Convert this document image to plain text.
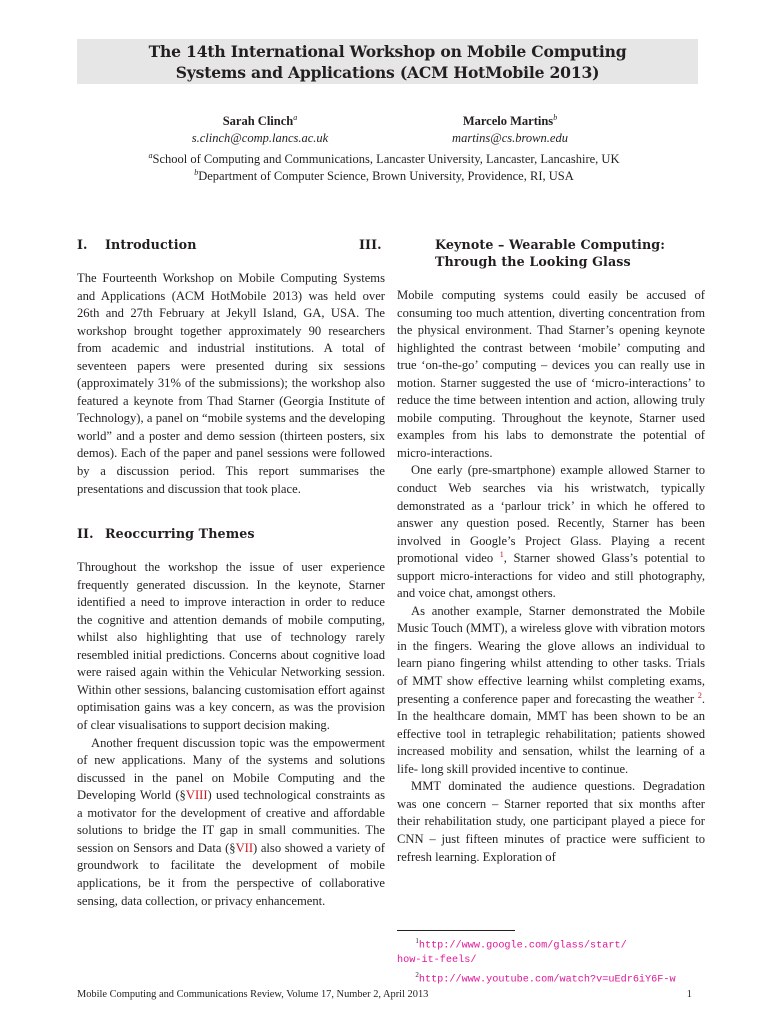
The 14th International Workshop on Mobile Computing
Systems and Applications (ACM HotMobile 2013)
Sarah Clinch$^a$
s.clinch@comp.lancs.ac.uk
Marcelo Martins$^b$
martins@cs.brown.edu
$^a$School of Computing and Communications, Lancaster University, Lancaster, Lancashire, UK
$^b$Department of Computer Science, Brown University, Providence, RI, USA
I. Introduction

The Fourteenth Workshop on Mobile Computing Systems and Applications (ACM HotMobile 2013) was held over 26th and 27th February at Jekyll Island, GA, USA. The workshop brought together approximately 90 researchers from academic and industrial institutions. A total of seventeen papers were presented during six sessions (approximately 31% of the submissions); the workshop also featured a keynote from Thad Starner (Georgia Institute of Technology), a panel on “mobile systems and the developing world” and a poster and demo session (thirteen posters, six demos). Each of the paper and panel sessions were followed by a discussion period. This report summarises the presentations and discussion that took place.

II. Reoccurring Themes

Throughout the workshop the issue of user experience frequently generated discussion. In the keynote, Starner identified a need to improve interaction in order to reduce the cognitive and attention demands of mobile computing, whilst also highlighting that use of technology rarely resembled initial predictions. Concerns about cognitive load were raised again within the Vehicular Networking session. Within other sessions, balancing customisation effort against optimisation gains was a key concern, as was the provision of clear visualisations to support decision making.

Another frequent discussion topic was the empowerment of new applications. Many of the systems and solutions discussed in the panel on Mobile Computing and the Developing World (§VIII) used technological constraints as a motivator for the development of creative and affordable solutions to bridge the IT gap in small communities. The session on Sensors and Data (§VII) also showed a variety of groundwork to facilitate the development of mobile applications, be it from the perspective of collaborative sensing, data collection, or privacy enhancement.

III.	Keynote – Wearable Computing: Through the Looking Glass

Mobile computing systems could easily be accused of consuming too much attention, diverting concentration from the physical environment. Thad Starner’s opening keynote highlighted the contrast between ‘mobile’ computing and true ‘on-the-go’ computing – devices you can really use in motion. Starner suggested the use of ‘micro-interactions’ to reduce the time between intention and action, allowing truly mobile computing. Throughout the keynote, Starner used examples from his labs to demonstrate the potential of micro-interactions.

One early (pre-smartphone) example allowed Starner to conduct Web searches via his wristwatch, typically demonstrated as a ‘parlour trick’ in which he offered to answer any question posed. Recently, Starner has been involved in Google’s Project Glass. Playing a recent promotional video $^1$, Starner showed Glass’s potential to support micro-interactions for video and still photography, and voice chat, amongst others.

As another example, Starner demonstrated the Mobile Music Touch (MMT), a wireless glove with vibration motors in the fingers. Wearing the glove allows an individual to learn piano fingering whilst attending to other tasks. Trials of MMT show effective learning whilst completing exams, presenting a conference paper and forecasting the weather $^2$. In the healthcare domain, MMT has been shown to be an effective tool in tetraplegic rehabilitation; patients showed increased mobility and sensation, whilst the learning of a life- long skill provided incentive to continue.

MMT dominated the audience questions. Degradation was one concern – Starner reported that six months after their rehabilitation study, one participant played a piece for CNN – just fifteen minutes of practice were sufficient to refresh learning. Exploration of

$^1$http://www.google.com/glass/start/
how-it-feels/
$^2$http://www.youtube.com/watch?v=uEdr6iY6F-w
Mobile Computing and Communications Review, Volume 17, Number 2, April 2013	1
